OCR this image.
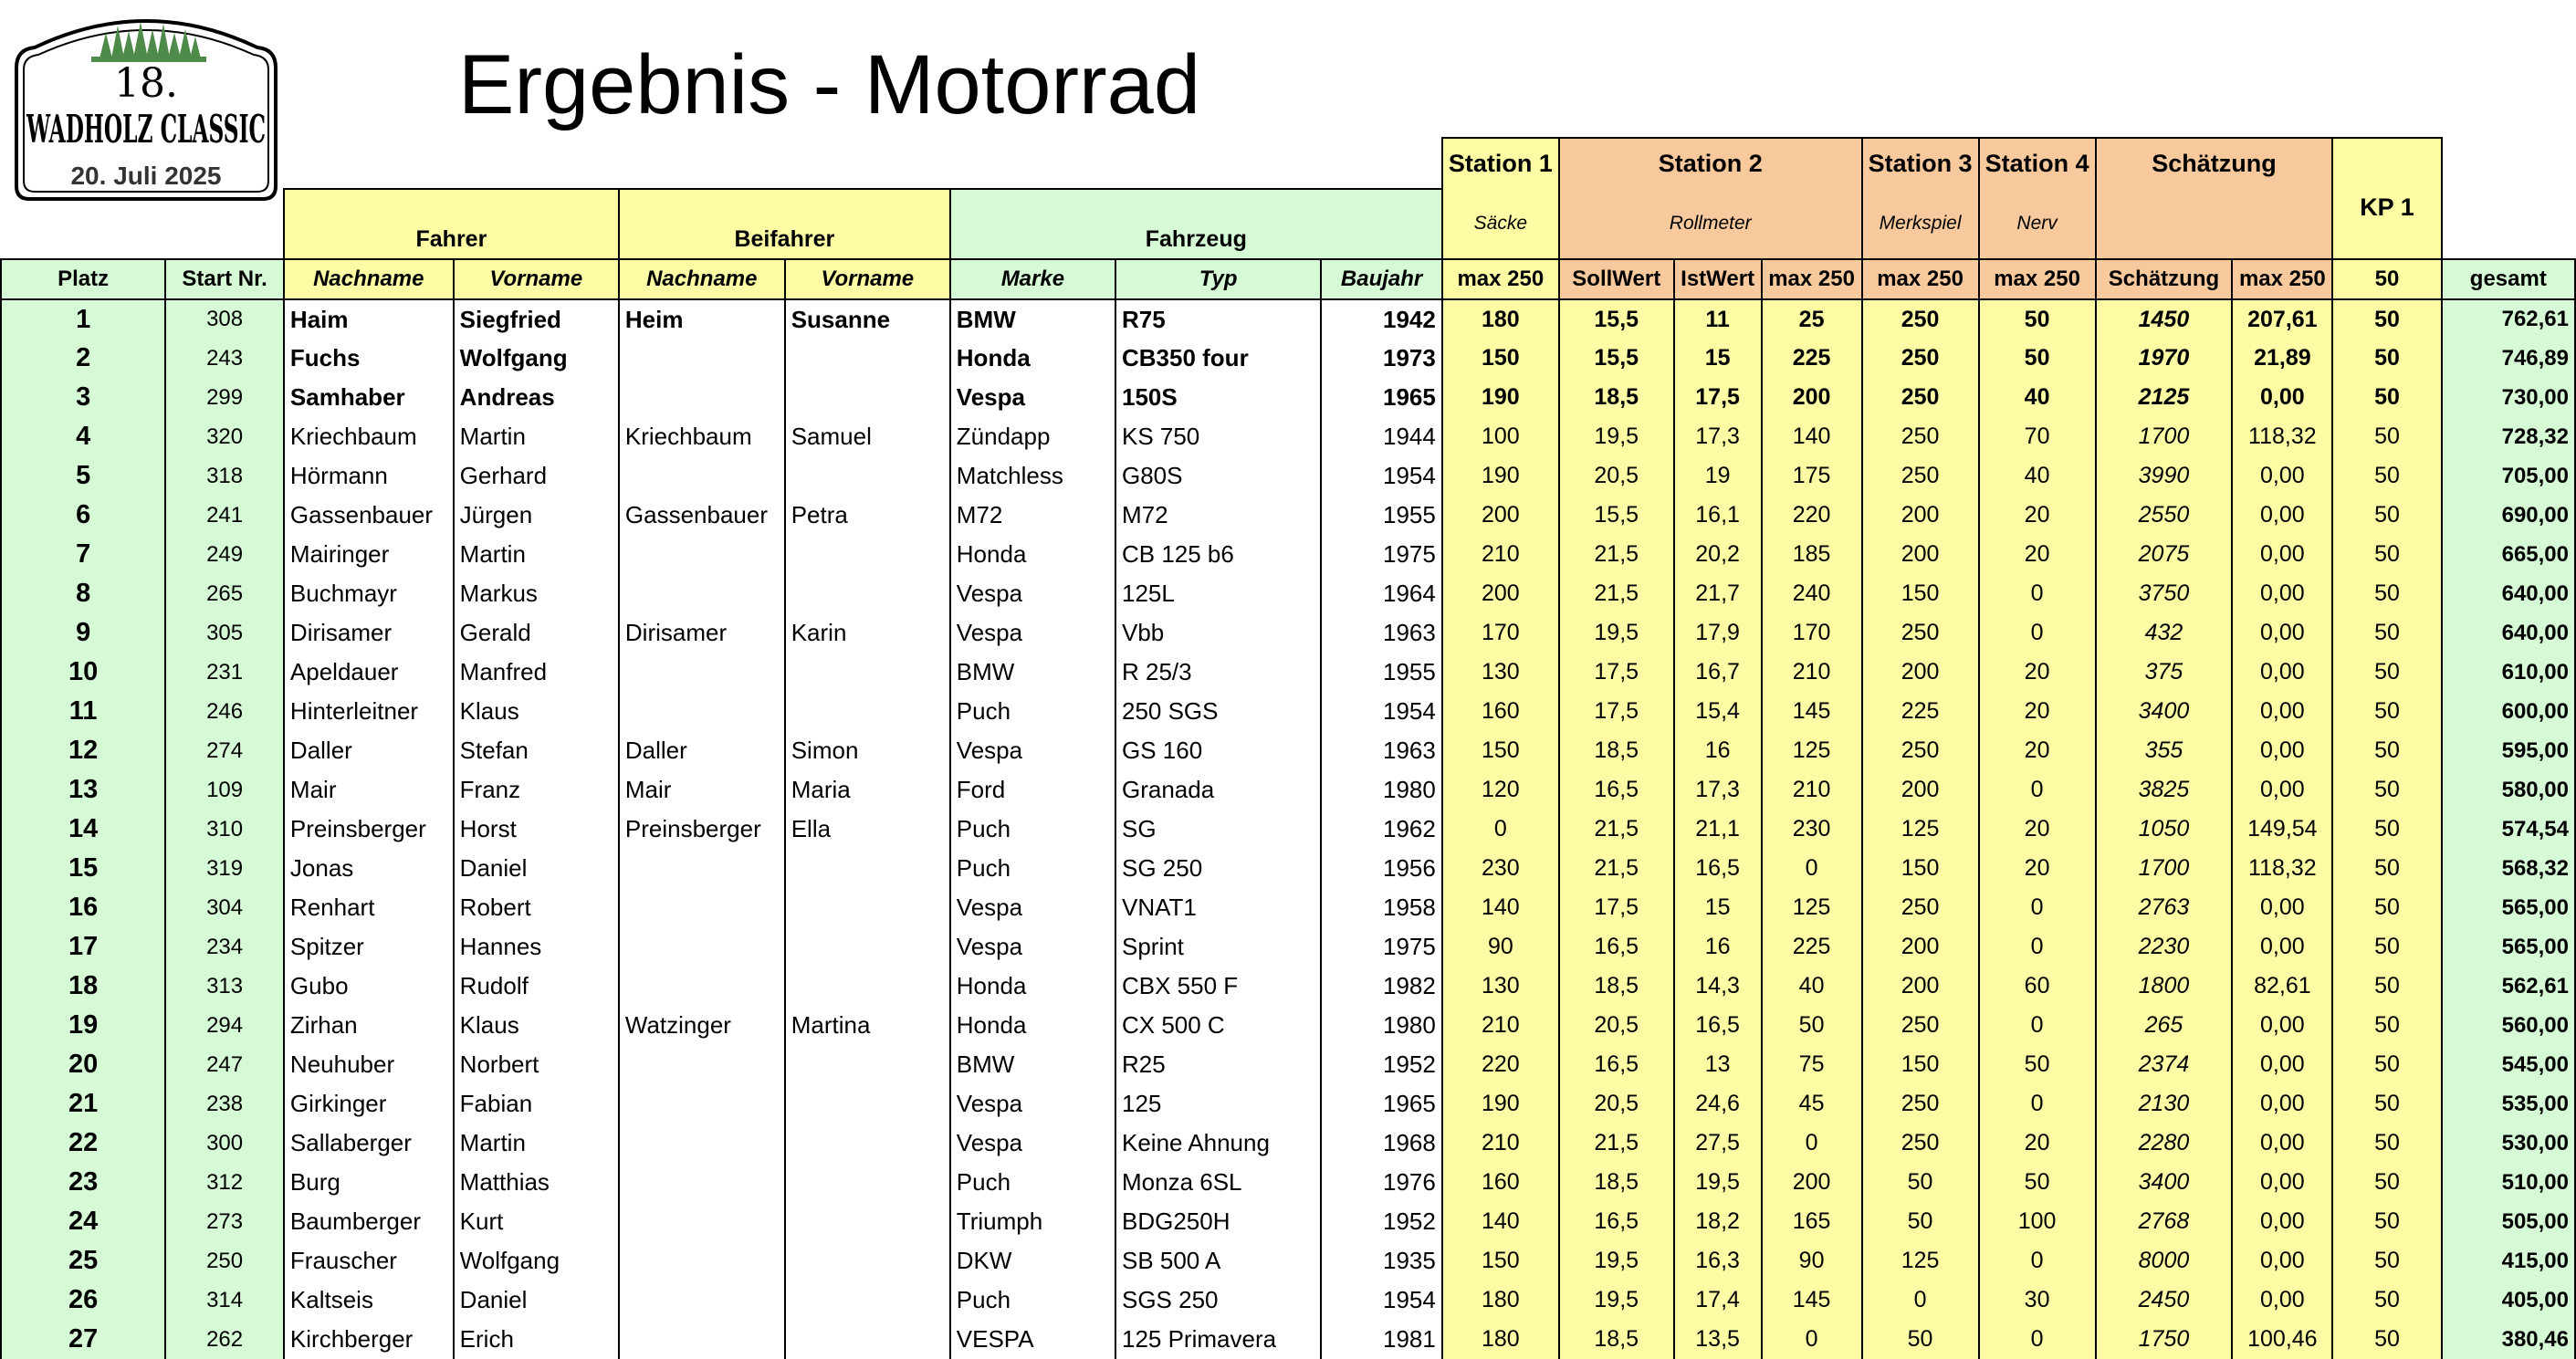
18.
WADHOLZ CLASSIC
20. Juli 2025
Ergebnis - Motorrad
									Station 1	Station 2			Station 3	Station 4	Schätzung		KP 1	
		Fahrer		Beifahrer		Fahrzeug			Säcke	Rollmeter			Merkspiel	Nerv				
Platz	Start Nr.	Nachname	Vorname	Nachname	Vorname	Marke	Typ	Baujahr	max 250	SollWert	IstWert	max 250	max 250	max 250	Schätzung	max 250	50	gesamt
1	308	Haim	Siegfried	Heim	Susanne	BMW	R75	1942	180	15,5	11	25	250	50	1450	207,61	50	762,61
2	243	Fuchs	Wolfgang			Honda	CB350 four	1973	150	15,5	15	225	250	50	1970	21,89	50	746,89
3	299	Samhaber	Andreas			Vespa	150S	1965	190	18,5	17,5	200	250	40	2125	0,00	50	730,00
4	320	Kriechbaum	Martin	Kriechbaum	Samuel	Zündapp	KS 750	1944	100	19,5	17,3	140	250	70	1700	118,32	50	728,32
5	318	Hörmann	Gerhard			Matchless	G80S	1954	190	20,5	19	175	250	40	3990	0,00	50	705,00
6	241	Gassenbauer	Jürgen	Gassenbauer	Petra	M72	M72	1955	200	15,5	16,1	220	200	20	2550	0,00	50	690,00
7	249	Mairinger	Martin			Honda	CB 125 b6	1975	210	21,5	20,2	185	200	20	2075	0,00	50	665,00
8	265	Buchmayr	Markus			Vespa	125L	1964	200	21,5	21,7	240	150	0	3750	0,00	50	640,00
9	305	Dirisamer	Gerald	Dirisamer	Karin	Vespa	Vbb	1963	170	19,5	17,9	170	250	0	432	0,00	50	640,00
10	231	Apeldauer	Manfred			BMW	R 25/3	1955	130	17,5	16,7	210	200	20	375	0,00	50	610,00
11	246	Hinterleitner	Klaus			Puch	250 SGS	1954	160	17,5	15,4	145	225	20	3400	0,00	50	600,00
12	274	Daller	Stefan	Daller	Simon	Vespa	GS 160	1963	150	18,5	16	125	250	20	355	0,00	50	595,00
13	109	Mair	Franz	Mair	Maria	Ford	Granada	1980	120	16,5	17,3	210	200	0	3825	0,00	50	580,00
14	310	Preinsberger	Horst	Preinsberger	Ella	Puch	SG	1962	0	21,5	21,1	230	125	20	1050	149,54	50	574,54
15	319	Jonas	Daniel			Puch	SG 250	1956	230	21,5	16,5	0	150	20	1700	118,32	50	568,32
16	304	Renhart	Robert			Vespa	VNAT1	1958	140	17,5	15	125	250	0	2763	0,00	50	565,00
17	234	Spitzer	Hannes			Vespa	Sprint	1975	90	16,5	16	225	200	0	2230	0,00	50	565,00
18	313	Gubo	Rudolf			Honda	CBX 550 F	1982	130	18,5	14,3	40	200	60	1800	82,61	50	562,61
19	294	Zirhan	Klaus	Watzinger	Martina	Honda	CX 500 C	1980	210	20,5	16,5	50	250	0	265	0,00	50	560,00
20	247	Neuhuber	Norbert			BMW	R25	1952	220	16,5	13	75	150	50	2374	0,00	50	545,00
21	238	Girkinger	Fabian			Vespa	125	1965	190	20,5	24,6	45	250	0	2130	0,00	50	535,00
22	300	Sallaberger	Martin			Vespa	Keine Ahnung	1968	210	21,5	27,5	0	250	20	2280	0,00	50	530,00
23	312	Burg	Matthias			Puch	Monza 6SL	1976	160	18,5	19,5	200	50	50	3400	0,00	50	510,00
24	273	Baumberger	Kurt			Triumph	BDG250H	1952	140	16,5	18,2	165	50	100	2768	0,00	50	505,00
25	250	Frauscher	Wolfgang			DKW	SB 500 A	1935	150	19,5	16,3	90	125	0	8000	0,00	50	415,00
26	314	Kaltseis	Daniel			Puch	SGS 250	1954	180	19,5	17,4	145	0	30	2450	0,00	50	405,00
27	262	Kirchberger	Erich			VESPA	125 Primavera	1981	180	18,5	13,5	0	50	0	1750	100,46	50	380,46
